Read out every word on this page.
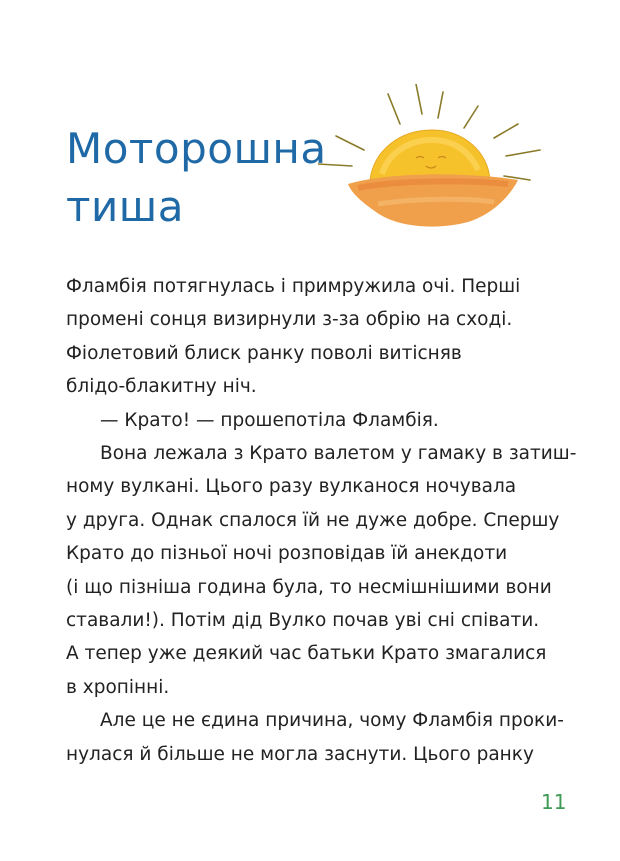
Моторошна
тиша

Фламбія потягнулась і примружила очі. Перші

промені сонця визирнули з-за обрію на сході.

Фіолетовий блиск ранку поволі витісняв

блідо-блакитну ніч.

— Крато! — прошепотіла Фламбія.

Вона лежала з Крато валетом у гамаку в затиш-

ному вулкані. Цього разу вулканося ночувала

у друга. Однак спалося їй не дуже добре. Спершу

Крато до пізньої ночі розповідав їй анекдоти

(і що пізніша година була, то несмішнішими вони

ставали!). Потім дід Вулко почав уві сні співати.

А тепер уже деякий час батьки Крато змагалися

в хропінні.

Але це не єдина причина, чому Фламбія проки-

нулася й більше не могла заснути. Цього ранку

11
